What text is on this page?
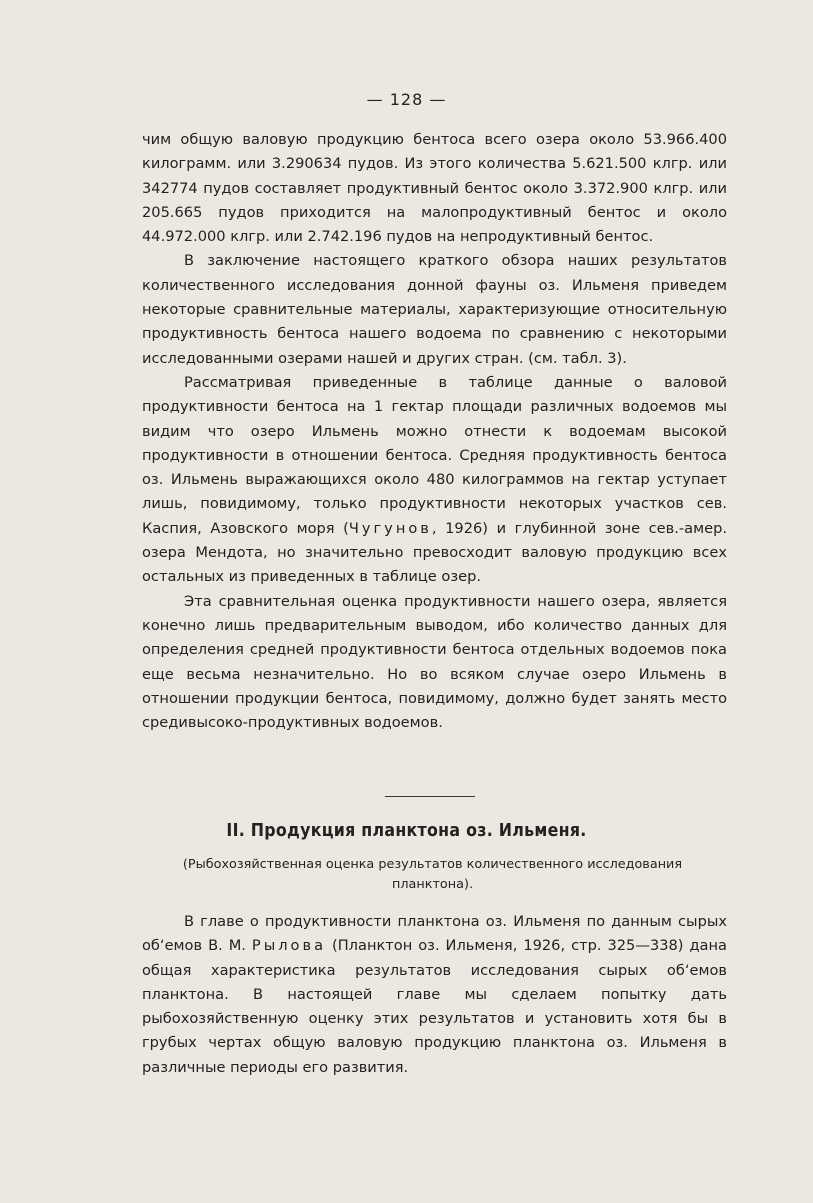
— 128 —

чим общую валовую продукцию бентоса всего озера около 53.966.400 килограмм. или 3.290634 пудов. Из этого количества 5.621.500 клгр. или 342774 пудов составляет продуктивный бентос около 3.372.900 клгр. или 205.665 пудов приходится на малопродуктивный бентос и около 44.972.000 клгр. или 2.742.196 пудов на непродуктивный бентос.

В заключение настоящего краткого обзора наших результатов количественного исследования донной фауны оз. Ильменя приведем некоторые сравнительные материалы, характеризующие относительную продуктивность бентоса нашего водоема по сравнению с некоторыми исследованными озерами нашей и других стран. (см. табл. 3).

Рассматривая приведенные в таблице данные о валовой продуктивности бентоса на 1 гектар площади различных водоемов мы видим что озеро Ильмень можно отнести к водоемам высокой продуктивности в отношении бентоса. Средняя продуктивность бентоса оз. Ильмень выражающихся около 480 килограммов на гектар уступает лишь, повидимому, только продуктивности некоторых участков сев. Каспия, Азовского моря (Чугунов, 1926) и глубинной зоне сев.-амер. озера Мендота, но значительно превосходит валовую продукцию всех остальных из приведенных в таблице озер.

Эта сравнительная оценка продуктивности нашего озера, является конечно лишь предварительным выводом, ибо количество данных для определения средней продуктивности бентоса отдельных водоемов пока еще весьма незначительно. Но во всяком случае озеро Ильмень в отношении продукции бентоса, повидимому, должно будет занять место средивысоко-продуктивных водоемов.

II. Продукция планктона оз. Ильменя.
(Рыбохозяйственная оценка результатов количественного исследования планктона).

В главе о продуктивности планктона оз. Ильменя по данным сырых об‘емов В. М. Рылова (Планктон оз. Ильменя, 1926, стр. 325—338) дана общая характеристика результатов исследования сырых об‘емов планктона. В настоящей главе мы сделаем попытку дать рыбохозяйственную оценку этих результатов и установить хотя бы в грубых чертах общую валовую продукцию планктона оз. Ильменя в различные периоды его развития.
